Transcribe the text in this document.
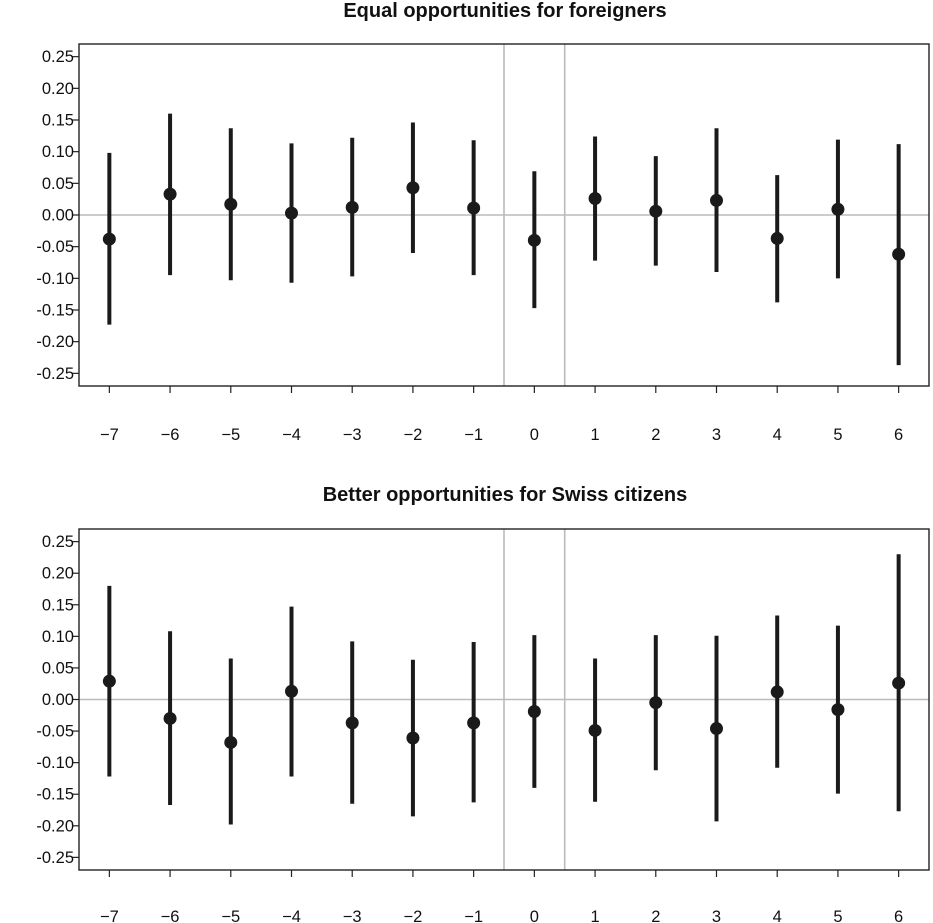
Equal opportunities for foreigners
0.25
0.20
0.15
0.10
0.05
0.00
-0.05
-0.10
-0.15
-0.20
-0.25
−7	−6	−5	−4	−3	−2	−1	0	1	2	3	4	5	6
Better opportunities for Swiss citizens
0.25
0.20
0.15
0.10
0.05
0.00
-0.05
-0.10
-0.15
-0.20
-0.25
−7	−6	−5	−4	−3	−2	−1	0	1	2	3	4	5	6
